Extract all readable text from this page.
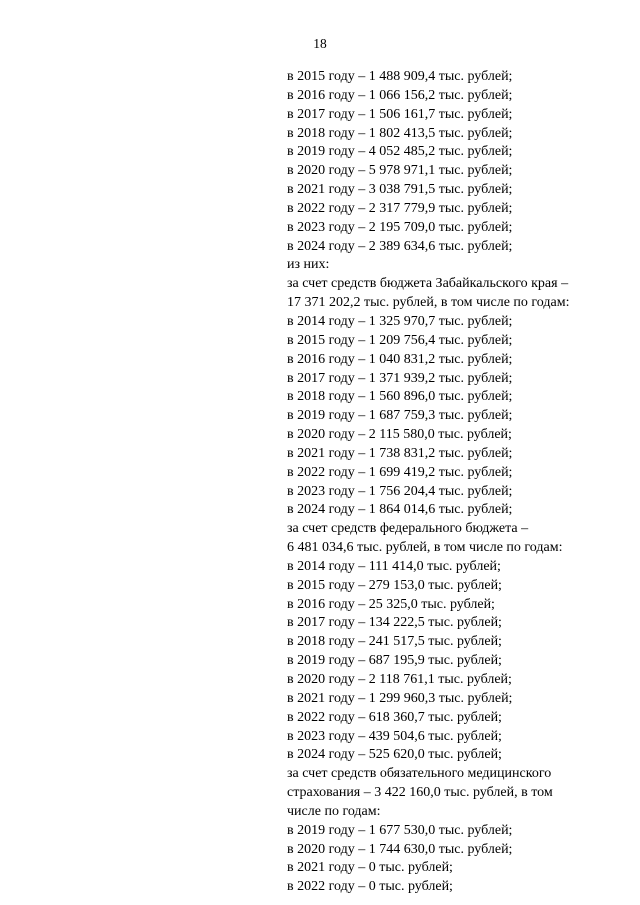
18
в 2015 году – 1 488 909,4 тыс. рублей;
в 2016 году – 1 066 156,2 тыс. рублей;
в 2017 году – 1 506 161,7 тыс. рублей;
в 2018 году – 1 802 413,5 тыс. рублей;
в 2019 году – 4 052 485,2 тыс. рублей;
в 2020 году – 5 978 971,1 тыс. рублей;
в 2021 году – 3 038 791,5 тыс. рублей;
в 2022 году – 2 317 779,9 тыс. рублей;
в 2023 году – 2 195 709,0 тыс. рублей;
в 2024 году – 2 389 634,6 тыс. рублей;
из них:
за счет средств бюджета Забайкальского края –
17 371 202,2 тыс. рублей, в том числе по годам:
в 2014 году – 1 325 970,7 тыс. рублей;
в 2015 году – 1 209 756,4 тыс. рублей;
в 2016 году – 1 040 831,2 тыс. рублей;
в 2017 году – 1 371 939,2 тыс. рублей;
в 2018 году – 1 560 896,0 тыс. рублей;
в 2019 году – 1 687 759,3 тыс. рублей;
в 2020 году – 2 115 580,0 тыс. рублей;
в 2021 году – 1 738 831,2 тыс. рублей;
в 2022 году – 1 699 419,2 тыс. рублей;
в 2023 году – 1 756 204,4 тыс. рублей;
в 2024 году – 1 864 014,6 тыс. рублей;
за счет средств федерального бюджета –
6 481 034,6 тыс. рублей, в том числе по годам:
в 2014 году – 111 414,0 тыс. рублей;
в 2015 году – 279 153,0 тыс. рублей;
в 2016 году – 25 325,0 тыс. рублей;
в 2017 году – 134 222,5 тыс. рублей;
в 2018 году – 241 517,5 тыс. рублей;
в 2019 году – 687 195,9 тыс. рублей;
в 2020 году – 2 118 761,1 тыс. рублей;
в 2021 году – 1 299 960,3 тыс. рублей;
в 2022 году – 618 360,7 тыс. рублей;
в 2023 году – 439 504,6 тыс. рублей;
в 2024 году – 525 620,0 тыс. рублей;
за счет средств обязательного медицинского
страхования – 3 422 160,0 тыс. рублей, в том
числе по годам:
в 2019 году – 1 677 530,0 тыс. рублей;
в 2020 году – 1 744 630,0 тыс. рублей;
в 2021 году – 0 тыс. рублей;
в 2022 году – 0 тыс. рублей;
